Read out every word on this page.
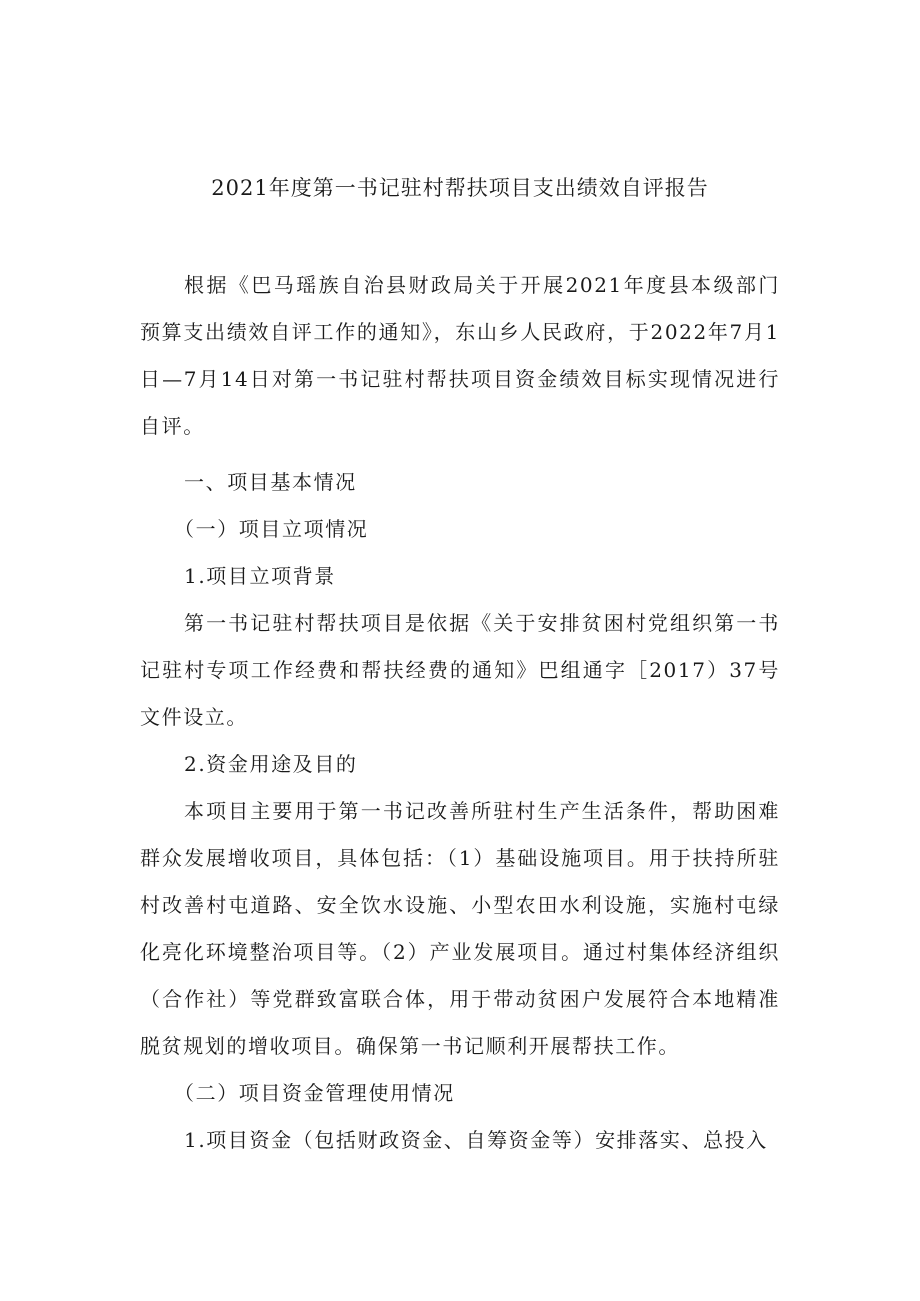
2021年度第一书记驻村帮扶项目支出绩效自评报告

根据《巴马瑶族自治县财政局关于开展2021年度县本级部门预算支出绩效自评工作的通知》，东山乡人民政府，于2022年7月1日—7月14日对第一书记驻村帮扶项目资金绩效目标实现情况进行自评。

一、项目基本情况

（一）项目立项情况

1.项目立项背景

第一书记驻村帮扶项目是依据《关于安排贫困村党组织第一书记驻村专项工作经费和帮扶经费的通知》巴组通字［2017）37号文件设立。

2.资金用途及目的

本项目主要用于第一书记改善所驻村生产生活条件，帮助困难群众发展增收项目，具体包括：（1）基础设施项目。用于扶持所驻村改善村屯道路、安全饮水设施、小型农田水利设施，实施村屯绿化亮化环境整治项目等。（2）产业发展项目。通过村集体经济组织（合作社）等党群致富联合体，用于带动贫困户发展符合本地精准脱贫规划的增收项目。确保第一书记顺利开展帮扶工作。

（二）项目资金管理使用情况

1.项目资金（包括财政资金、自筹资金等）安排落实、总投入
